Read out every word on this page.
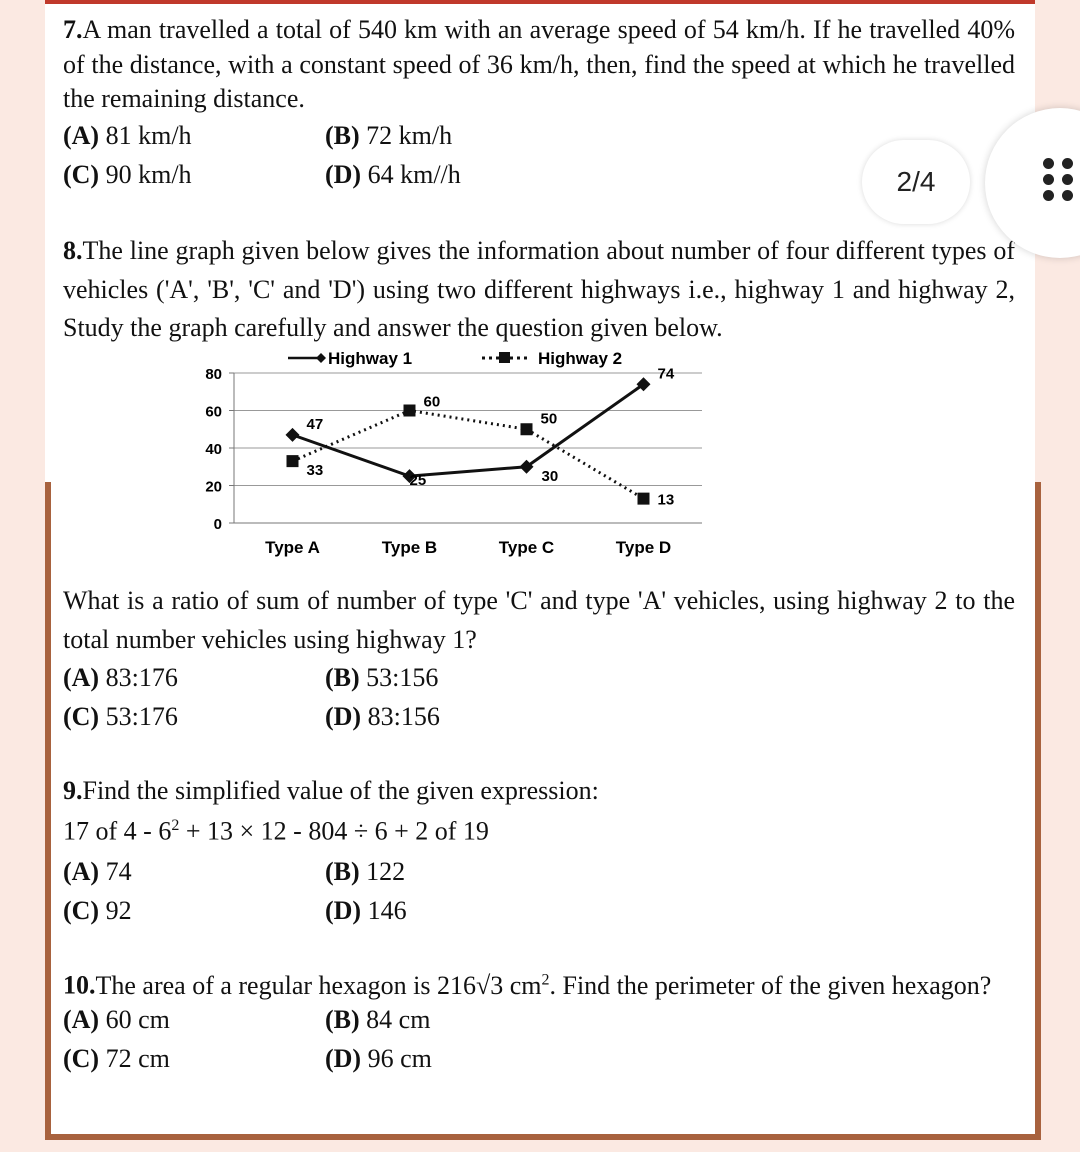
7.A man travelled a total of 540 km with an average speed of 54 km/h. If he travelled 40% of the distance, with a constant speed of 36 km/h, then, find the speed at which he travelled the remaining distance.

(A) 81 km/h	(B) 72 km/h
(C) 90 km/h	(D) 64 km//h

8.The line graph given below gives the information about number of four different types of vehicles ('A', 'B', 'C' and 'D') using two different highways i.e., highway 1 and highway 2, Study the graph carefully and answer the question given below.

Highway 1	Highway 2
80
60
40
20
0
Type A	Type B	Type C	Type D
47
25	30
74
33
60
50
13

What is a ratio of sum of number of type 'C' and type 'A' vehicles, using highway 2 to the total number vehicles using highway 1?

(A) 83:176	(B) 53:156
(C) 53:176	(D) 83:156

9.Find the simplified value of the given expression:

17 of $4 - 6^2 + 13 \times 12 - 804 \div 6 + 2$ of 19

(A) 74	(B) 122
(C) 92	(D) 146

10.The area of a regular hexagon is 216√3 $cm^2$. Find the perimeter of the given hexagon?

(A) 60 cm	(B) 84 cm
(C) 72 cm	(D) 96 cm
2/4
